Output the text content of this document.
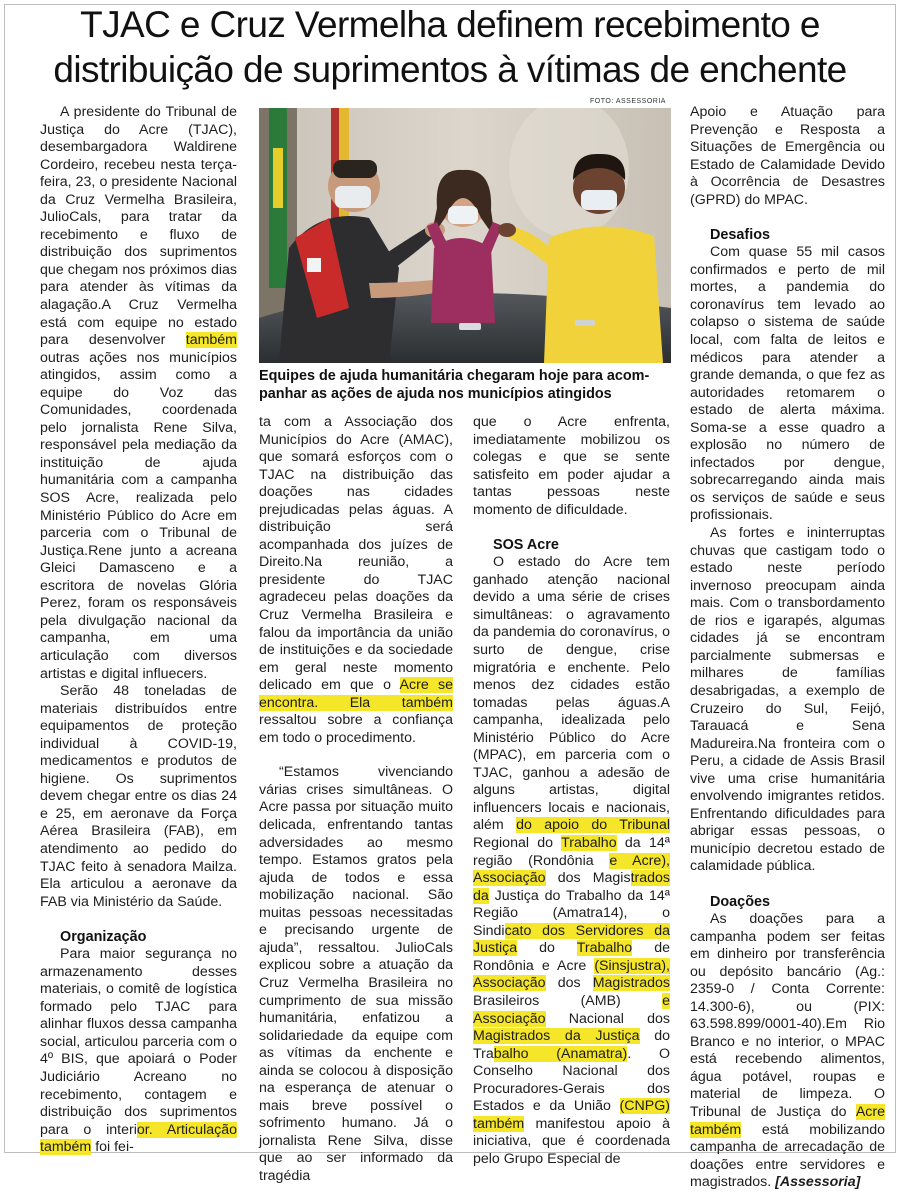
TJAC e Cruz Vermelha definem recebimento e
distribuição de suprimentos à vítimas de enchente

A presidente do Tribunal de Justiça do Acre (TJAC), desembargadora Waldirene Cordeiro, recebeu nesta terça-feira, 23, o presidente Nacional da Cruz Vermelha Brasileira, JulioCals, para tratar da recebimento e fluxo de distribuição dos suprimentos que chegam nos próximos dias para atender às vítimas da alagação.A Cruz Vermelha está com equipe no estado para desenvolver também outras ações nos municípios atingidos, assim como a equipe do Voz das Comunidades, coordenada pelo jornalista Rene Silva, responsável pela mediação da instituição de ajuda humanitária com a campanha SOS Acre, realizada pelo Ministério Público do Acre em parceria com o Tribunal de Justiça.Rene junto a acreana Gleici Damasceno e a escritora de novelas Glória Perez, foram os responsáveis pela divulgação nacional da campanha, em uma articulação com diversos artistas e digital influecers.

Serão 48 toneladas de materiais distribuídos entre equipamentos de proteção individual à COVID-19, medicamentos e produtos de higiene. Os suprimentos devem chegar entre os dias 24 e 25, em aeronave da Força Aérea Brasileira (FAB), em atendimento ao pedido do TJAC feito à senadora Mailza. Ela articulou a aeronave da FAB via Ministério da Saúde.

Organização

Para maior segurança no armazenamento desses materiais, o comitê de logística formado pelo TJAC para alinhar fluxos dessa campanha social, articulou parceria com o 4º BIS, que apoiará o Poder Judiciário Acreano no recebimento, contagem e distribuição dos suprimentos para o interior. Articulação também foi fei-

FOTO: ASSESSORIA
Equipes de ajuda humanitária chegaram hoje para acom-
panhar as ações de ajuda nos municípios atingidos

ta com a Associação dos Municípios do Acre (AMAC), que somará esforços com o TJAC na distribuição das doações nas cidades prejudicadas pelas águas. A distribuição será acompanhada dos juízes de Direito.Na reunião, a presidente do TJAC agradeceu pelas doações da Cruz Vermelha Brasileira e falou da importância da união de instituições e da sociedade em geral neste momento delicado em que o Acre se encontra. Ela também ressaltou sobre a confiança em todo o procedimento.

“Estamos vivenciando várias crises simultâneas. O Acre passa por situação muito delicada, enfrentando tantas adversidades ao mesmo tempo. Estamos gratos pela ajuda de todos e essa mobilização nacional. São muitas pessoas necessitadas e precisando urgente de ajuda”, ressaltou. JulioCals explicou sobre a atuação da Cruz Vermelha Brasileira no cumprimento de sua missão humanitária, enfatizou a solidariedade da equipe com as vítimas da enchente e ainda se colocou à disposição na esperança de atenuar o mais breve possível o sofrimento humano. Já o jornalista Rene Silva, disse que ao ser informado da tragédia

que o Acre enfrenta, imediatamente mobilizou os colegas e que se sente satisfeito em poder ajudar a tantas pessoas neste momento de dificuldade.

SOS Acre

O estado do Acre tem ganhado atenção nacional devido a uma série de crises simultâneas: o agravamento da pandemia do coronavírus, o surto de dengue, crise migratória e enchente. Pelo menos dez cidades estão tomadas pelas águas.A campanha, idealizada pelo Ministério Público do Acre (MPAC), em parceria com o TJAC, ganhou a adesão de alguns artistas, digital influencers locais e nacionais, além do apoio do Tribunal Regional do Trabalho da 14ª região (Rondônia e Acre), Associação dos Magistrados da Justiça do Trabalho da 14ª Região (Amatra14), o Sindicato dos Servidores da Justiça do Trabalho de Rondônia e Acre (Sinsjustra), Associação dos Magistrados Brasileiros (AMB) e Associação Nacional dos Magistrados da Justiça do Trabalho (Anamatra). O Conselho Nacional dos Procuradores-Gerais dos Estados e da União (CNPG) também manifestou apoio à iniciativa, que é coordenada pelo Grupo Especial de

Apoio e Atuação para Prevenção e Resposta a Situações de Emergência ou Estado de Calamidade Devido à Ocorrência de Desastres (GPRD) do MPAC.

Desafios

Com quase 55 mil casos confirmados e perto de mil mortes, a pandemia do coronavírus tem levado ao colapso o sistema de saúde local, com falta de leitos e médicos para atender a grande demanda, o que fez as autoridades retomarem o estado de alerta máxima. Soma-se a esse quadro a explosão no número de infectados por dengue, sobrecarregando ainda mais os serviços de saúde e seus profissionais.

As fortes e ininterruptas chuvas que castigam todo o estado neste período invernoso preocupam ainda mais. Com o transbordamento de rios e igarapés, algumas cidades já se encontram parcialmente submersas e milhares de famílias desabrigadas, a exemplo de Cruzeiro do Sul, Feijó, Tarauacá e Sena Madureira.Na fronteira com o Peru, a cidade de Assis Brasil vive uma crise humanitária envolvendo imigrantes retidos. Enfrentando dificuldades para abrigar essas pessoas, o município decretou estado de calamidade pública.

Doações

As doações para a campanha podem ser feitas em dinheiro por transferência ou depósito bancário (Ag.: 2359-0 / Conta Corrente: 14.300-6), ou (PIX: 63.598.899/0001-40).Em Rio Branco e no interior, o MPAC está recebendo alimentos, água potável, roupas e material de limpeza. O Tribunal de Justiça do Acre também está mobilizando campanha de arrecadação de doações entre servidores e magistrados. [Assessoria]
